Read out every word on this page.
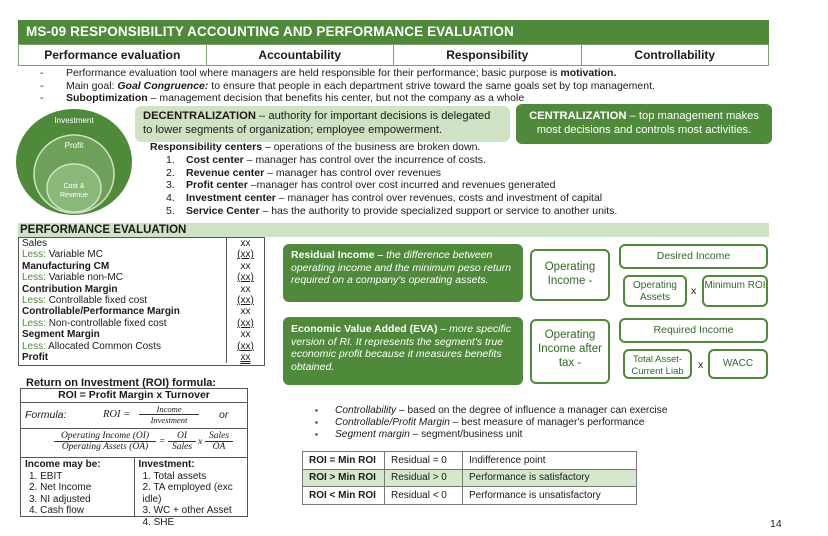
MS-09 RESPONSIBILITY ACCOUNTING AND PERFORMANCE EVALUATION
Performance evaluation	Accountability	Responsibility	Controllability
- Performance evaluation tool where managers are held responsible for their performance; basic purpose is motivation.
- Main goal: Goal Congruence: to ensure that people in each department strive toward the same goals set by top management.
- Suboptimization – management decision that benefits his center, but not the company as a whole
Investment
Profit
Cost &
Revenue
DECENTRALIZATION – authority for important decisions is delegated to lower segments of organization; employee empowerment.
CENTRALIZATION – top management makes most decisions and controls most activities.
Responsibility centers – operations of the business are broken down.
1. Cost center – manager has control over the incurrence of costs.
2. Revenue center – manager has control over revenues
3. Profit center –manager has control over cost incurred and revenues generated
4. Investment center – manager has control over revenues, costs and investment of capital
5. Service Center – has the authority to provide specialized support or service to another units.
PERFORMANCE EVALUATION
Sales	xx
Less: Variable MC	(xx)
Manufacturing CM	xx
Less: Variable non-MC	(xx)
Contribution Margin	xx
Less: Controllable fixed cost	(xx)
Controllable/Performance Margin	xx
Less: Non-controllable fixed cost	(xx)
Segment Margin	xx
Less: Allocated Common Costs	(xx)
Profit	xx
Residual Income – the difference between operating income and the minimum peso return required on a company's operating assets.
Economic Value Added (EVA) – more specific version of RI. It represents the segment's true economic profit because it measures benefits obtained.
Operating Income -
Desired Income
Operating Assets
x Minimum ROI
Operating Income after tax -
Required Income
Total Asset-Current Liab	x	WACC
Return on Investment (ROI) formula:
ROI = Profit Margin x Turnover
Formula:	ROI =	Income
Investment	or
Operating Income (OI)
Operating Assets (OA)	=
OI
Sales x
Sales
OA
Income may be:
1. EBIT
2. Net Income
3. NI adjusted
4. Cash flow
Investment:
1. Total assets
2. TA employed (exc idle)
3. WC + other Asset
4. SHE
▪ Controllability – based on the degree of influence a manager can exercise
▪ Controllable/Profit Margin – best measure of manager's performance
▪ Segment margin – segment/business unit
ROI = Min ROI	Residual = 0	Indifference point
ROI > Min ROI	Residual > 0	Performance is satisfactory
ROI < Min ROI	Residual < 0	Performance is unsatisfactory
14
